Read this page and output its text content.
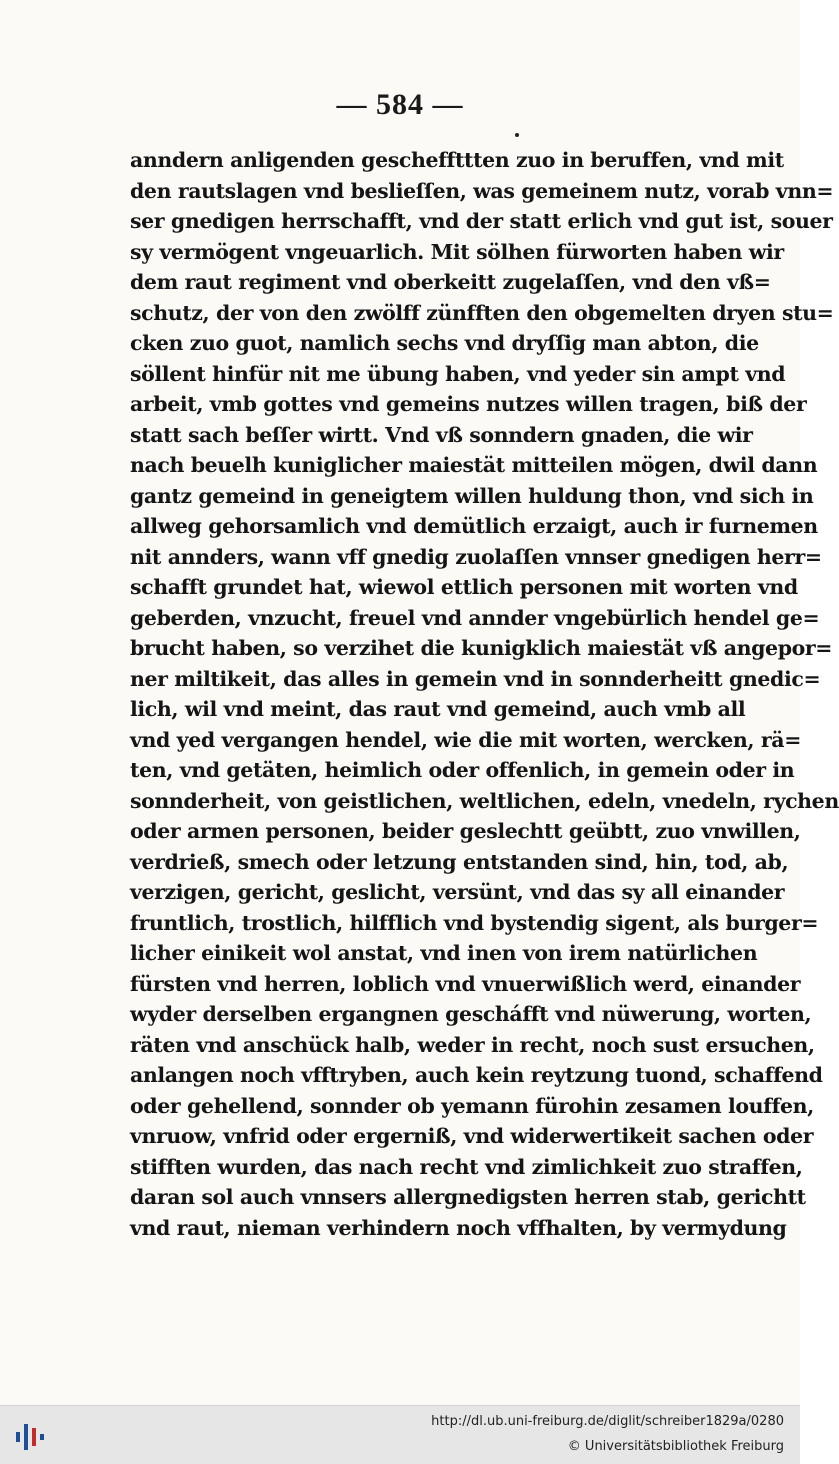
— 584 —
anndern anligenden gescheffttten zuo in beruffen, vnd mit
den rautslagen vnd beslieſſen, was gemeinem nutz, vorab vnn=
ser gnedigen herrschafft, vnd der statt erlich vnd gut ist, souer
sy vermögent vngeuarlich. Mit sölhen fürworten haben wir
dem raut regiment vnd oberkeitt zugelaſſen, vnd den vß=
schutz, der von den zwölff zünfften den obgemelten dryen stu=
cken zuo guot, namlich sechs vnd dryſſig man abton, die
söllent hinfür nit me übung haben, vnd yeder sin ampt vnd
arbeit, vmb gottes vnd gemeins nutzes willen tragen, biß der
statt sach beſſer wirtt. Vnd vß sonndern gnaden, die wir
nach beuelh kuniglicher maiestät mitteilen mögen, dwil dann
gantz gemeind in geneigtem willen huldung thon, vnd sich in
allweg gehorsamlich vnd demütlich erzaigt, auch ir furnemen
nit annders, wann vff gnedig zuolaſſen vnnser gnedigen herr=
schafft grundet hat, wiewol ettlich personen mit worten vnd
geberden, vnzucht, freuel vnd annder vngebürlich hendel ge=
brucht haben, so verzihet die kunigklich maiestät vß angepor=
ner miltikeit, das alles in gemein vnd in sonnderheitt gnedic=
lich, wil vnd meint, das raut vnd gemeind, auch vmb all
vnd yed vergangen hendel, wie die mit worten, wercken, rä=
ten, vnd getäten, heimlich oder offenlich, in gemein oder in
sonnderheit, von geistlichen, weltlichen, edeln, vnedeln, rychen
oder armen personen, beider geslechtt geübtt, zuo vnwillen,
verdrieß, smech oder letzung entstanden sind, hin, tod, ab,
verzigen, gericht, geslicht, versünt, vnd das sy all einander
fruntlich, trostlich, hilfflich vnd bystendig sigent, als burger=
licher einikeit wol anstat, vnd inen von irem natürlichen
fürsten vnd herren, loblich vnd vnuerwißlich werd, einander
wyder derselben ergangnen gescháfft vnd nüwerung, worten,
räten vnd anschück halb, weder in recht, noch sust ersuchen,
anlangen noch vfftryben, auch kein reytzung tuond, schaffend
oder gehellend, sonnder ob yemann fürohin zesamen louffen,
vnruow, vnfrid oder ergerniß, vnd widerwertikeit sachen oder
stifften wurden, das nach recht vnd zimlichkeit zuo straffen,
daran sol auch vnnsers allergnedigsten herren stab, gerichtt
vnd raut, nieman verhindern noch vffhalten, by vermydung
http://dl.ub.uni-freiburg.de/diglit/schreiber1829a/0280
© Universitätsbibliothek Freiburg
